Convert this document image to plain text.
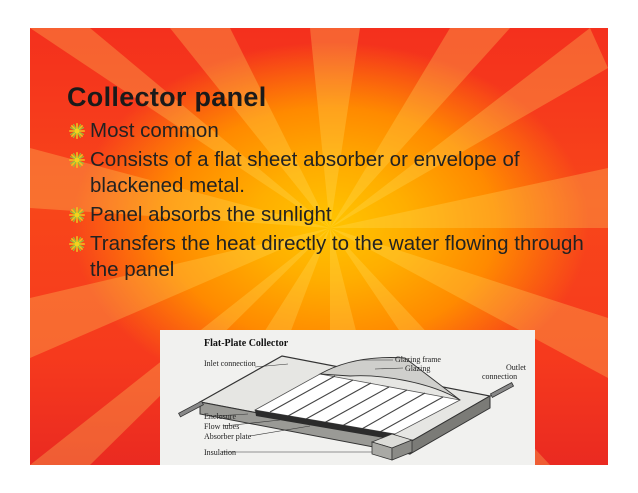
Collector panel
Most common
Consists of a flat sheet absorber or envelope of blackened metal.
Panel absorbs the sunlight
Transfers the heat directly to the water flowing through the panel
Flat-Plate Collector
Inlet connection	Glazing frame
Glazing	Outlet connection
Enclosure
Flow tubes
Absorber plate
Insulation
